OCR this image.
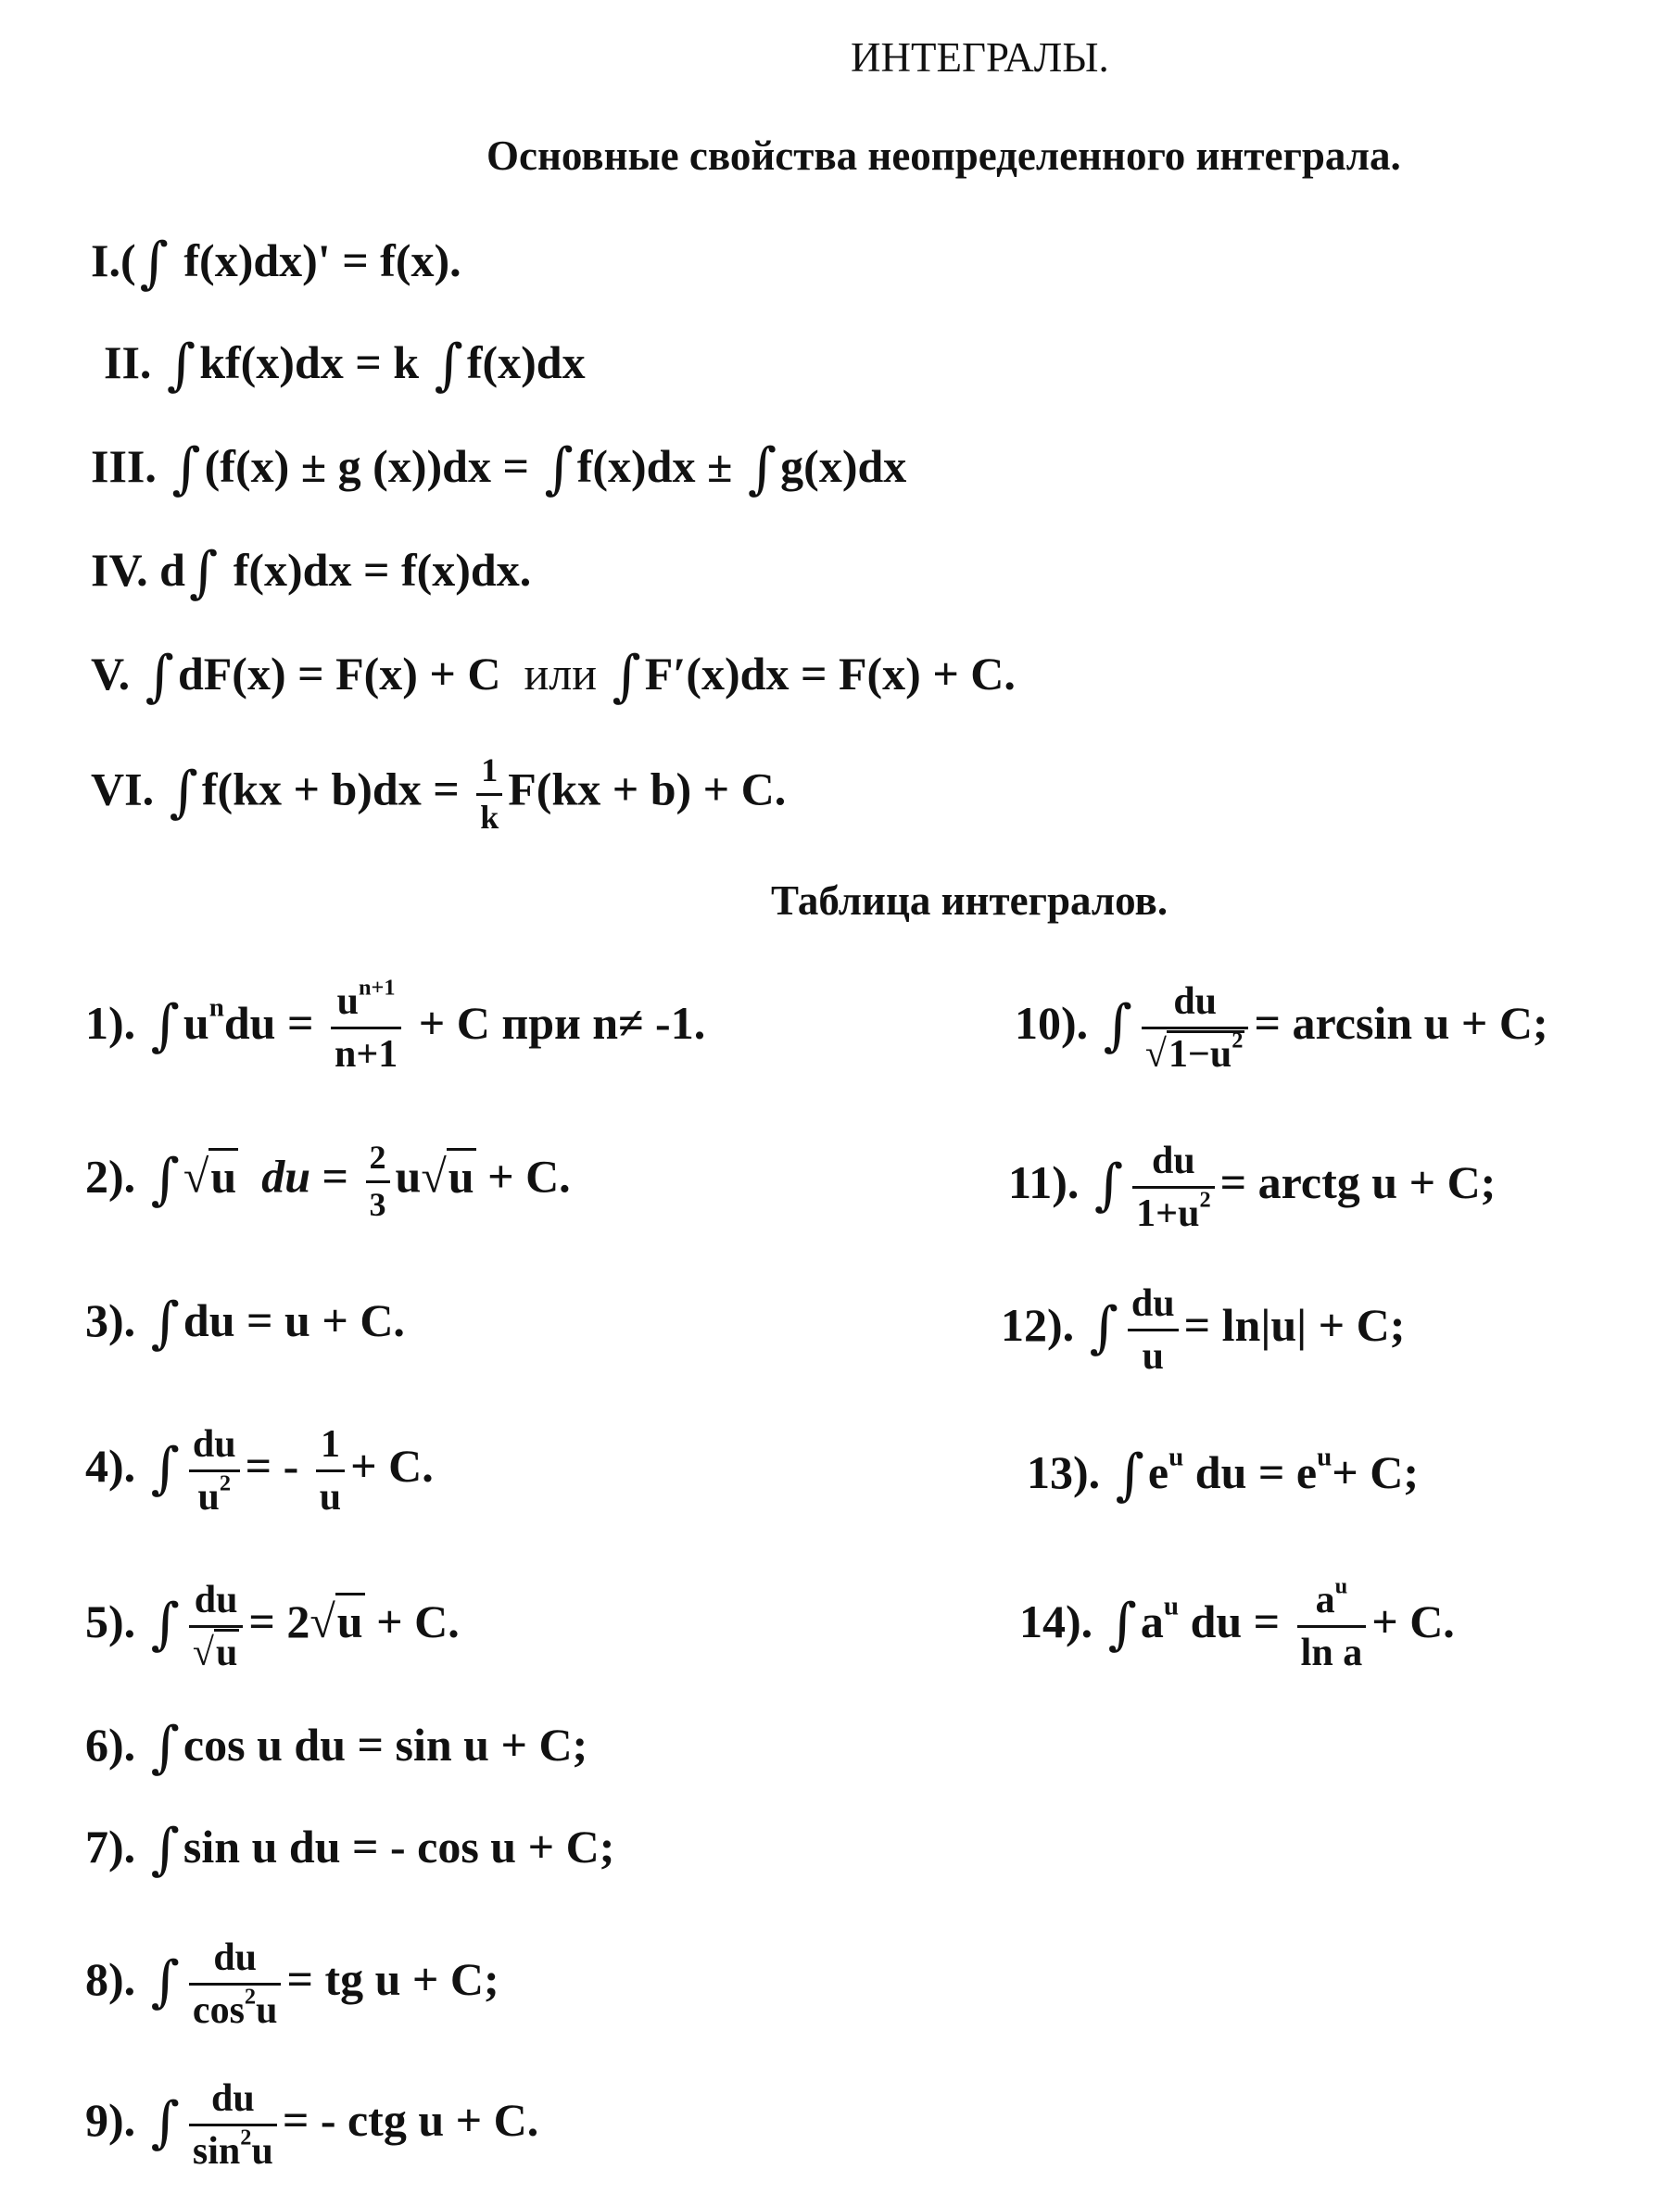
ИНТЕГРАЛЫ.
Основные свойства неопределенного интеграла.
I.(∫ f(x)dx)' = f(x).
II. ∫kf(x)dx = k ∫f(x)dx
III. ∫(f(x) ± g (x))dx = ∫f(x)dx ± ∫g(x)dx
IV. d∫ f(x)dx = f(x)dx.
V. ∫dF(x) = F(x) + C или ∫F′(x)dx = F(x) + C.
VI. $\int f(kx + b)dx = \frac{1}{k} F(kx + b) + C$.
Таблица интегралов.
1). $\int u^ndu = \frac{u^{n+1}}{n+1} + C$ при n≠ -1.
2). ∫√u du = $\frac{2}{3} u√u + C$.
3). ∫du = u + C.
4). ∫ $\frac{du}{u^2}$ = - $\frac{1}{u} + C$.
5). ∫ $\frac{du}{√u} = 2√u + C$.
6). ∫cos u du = sin u + C;
7). ∫sin u du = - cos u + C;
8). ∫ $\frac{du}{\cos^2u}$ = tg u + C;
9). ∫ $\frac{du}{\sin^2u}$ = - ctg u + C.
10). ∫ $\frac{du}{√1-u^2} = \arcsin u + C$;
11). ∫ $\frac{du}{1+u^2}$ = arctg u + C;
12). ∫ $\frac{du}{u} = \ln|u| + C$;
13). $\int e^u$ du = $e^u+ C$;
14). $\int a^u$ du = $\frac{a^u}{\text{ln a}} + C$.
